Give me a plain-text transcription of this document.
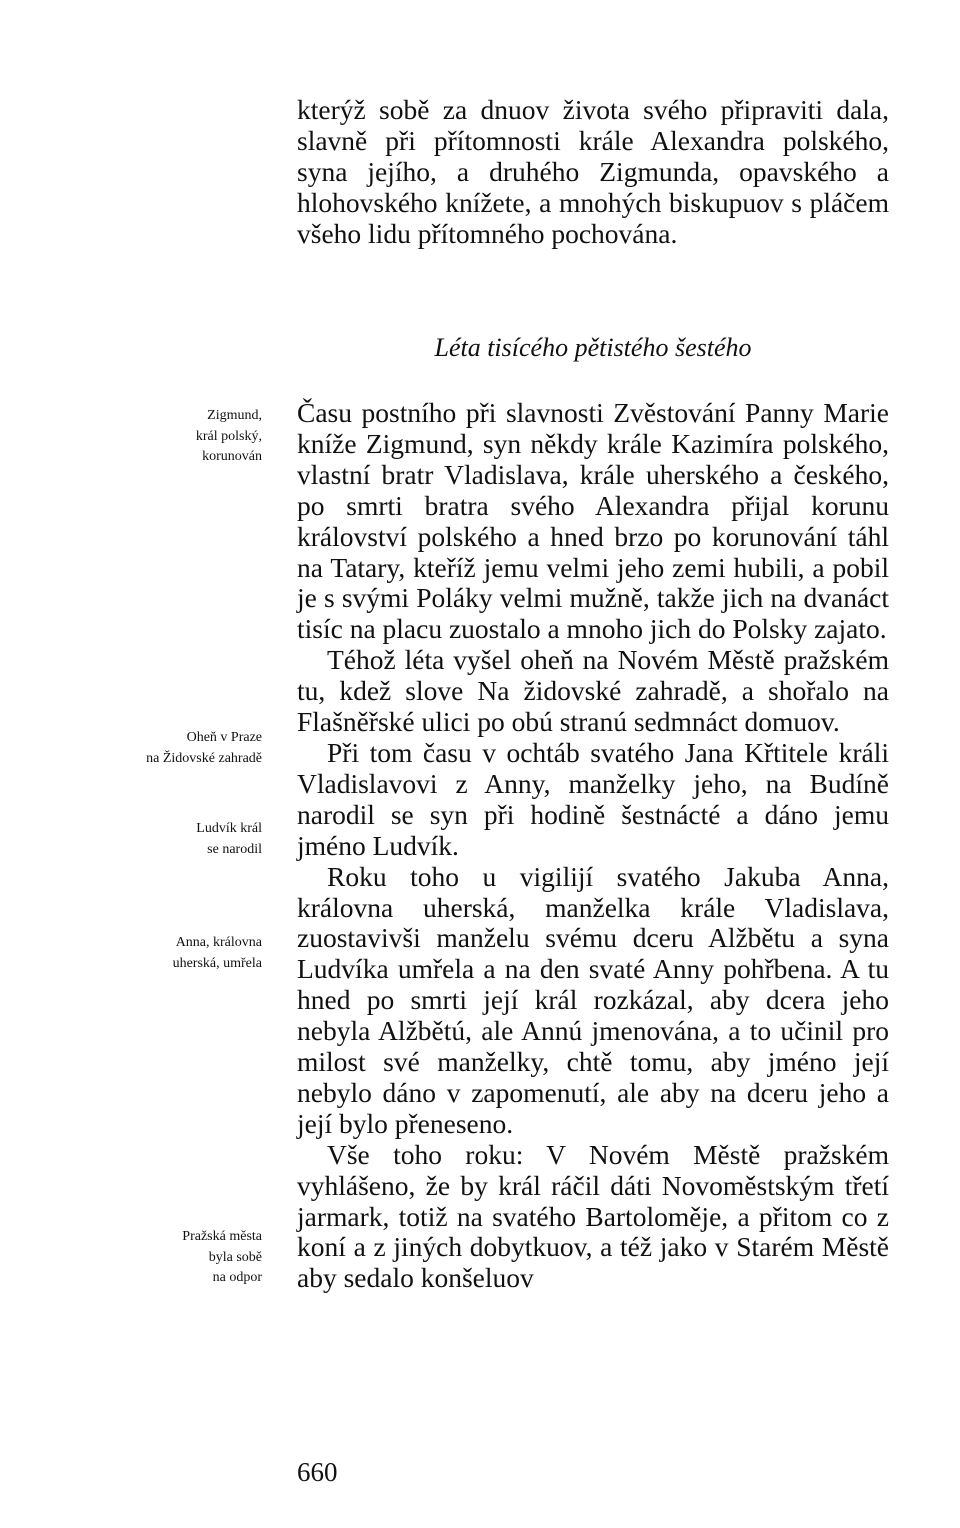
kterýž sobě za dnuov života svého připraviti dala, slavně při přítomnosti krále Alexandra polského, syna jejího, a druhého Zigmunda, opavského a hlohovského knížete, a mnohých biskupuov s pláčem všeho lidu přítomného pochována.

Léta tisícého pětistého šestého

Času postního při slavnosti Zvěstování Panny Marie kníže Zigmund, syn někdy krále Kazimíra polského, vlastní bratr Vladislava, krále uherského a českého, po smrti bratra svého Alexandra přijal korunu království polského a hned brzo po korunování táhl na Tatary, kteříž jemu velmi jeho zemi hubili, a pobil je s svými Poláky velmi mužně, takže jich na dvanáct tisíc na placu zuostalo a mnoho jich do Polsky zajato.

Téhož léta vyšel oheň na Novém Městě pražském tu, kdež slove Na židovské zahradě, a shořalo na Flašněřské ulici po obú stranú sedmnáct domuov.

Při tom času v ochtáb svatého Jana Křtitele králi Vladislavovi z Anny, manželky jeho, na Budíně narodil se syn při hodině šestnácté a dáno jemu jméno Ludvík.

Roku toho u vigilijí svatého Jakuba Anna, královna uherská, manželka krále Vladislava, zuostavivši manželu svému dceru Alžbětu a syna Ludvíka umřela a na den svaté Anny pohřbena. A tu hned po smrti její král rozkázal, aby dcera jeho nebyla Alžbětú, ale Annú jmenována, a to učinil pro milost své manželky, chtě tomu, aby jméno její nebylo dáno v zapomenutí, ale aby na dceru jeho a její bylo přeneseno.

Vše toho roku: V Novém Městě pražském vyhlášeno, že by král ráčil dáti Novoměstským třetí jarmark, totiž na svatého Bartoloměje, a přitom co z koní a z jiných dobytkuov, a též jako v Starém Městě aby sedalo konšeluov

Zigmund,
král polský,
korunován
Oheň v Praze
na Židovské zahradě
Ludvík král
se narodil
Anna, královna
uherská, umřela
Pražská města
byla sobě
na odpor
660
